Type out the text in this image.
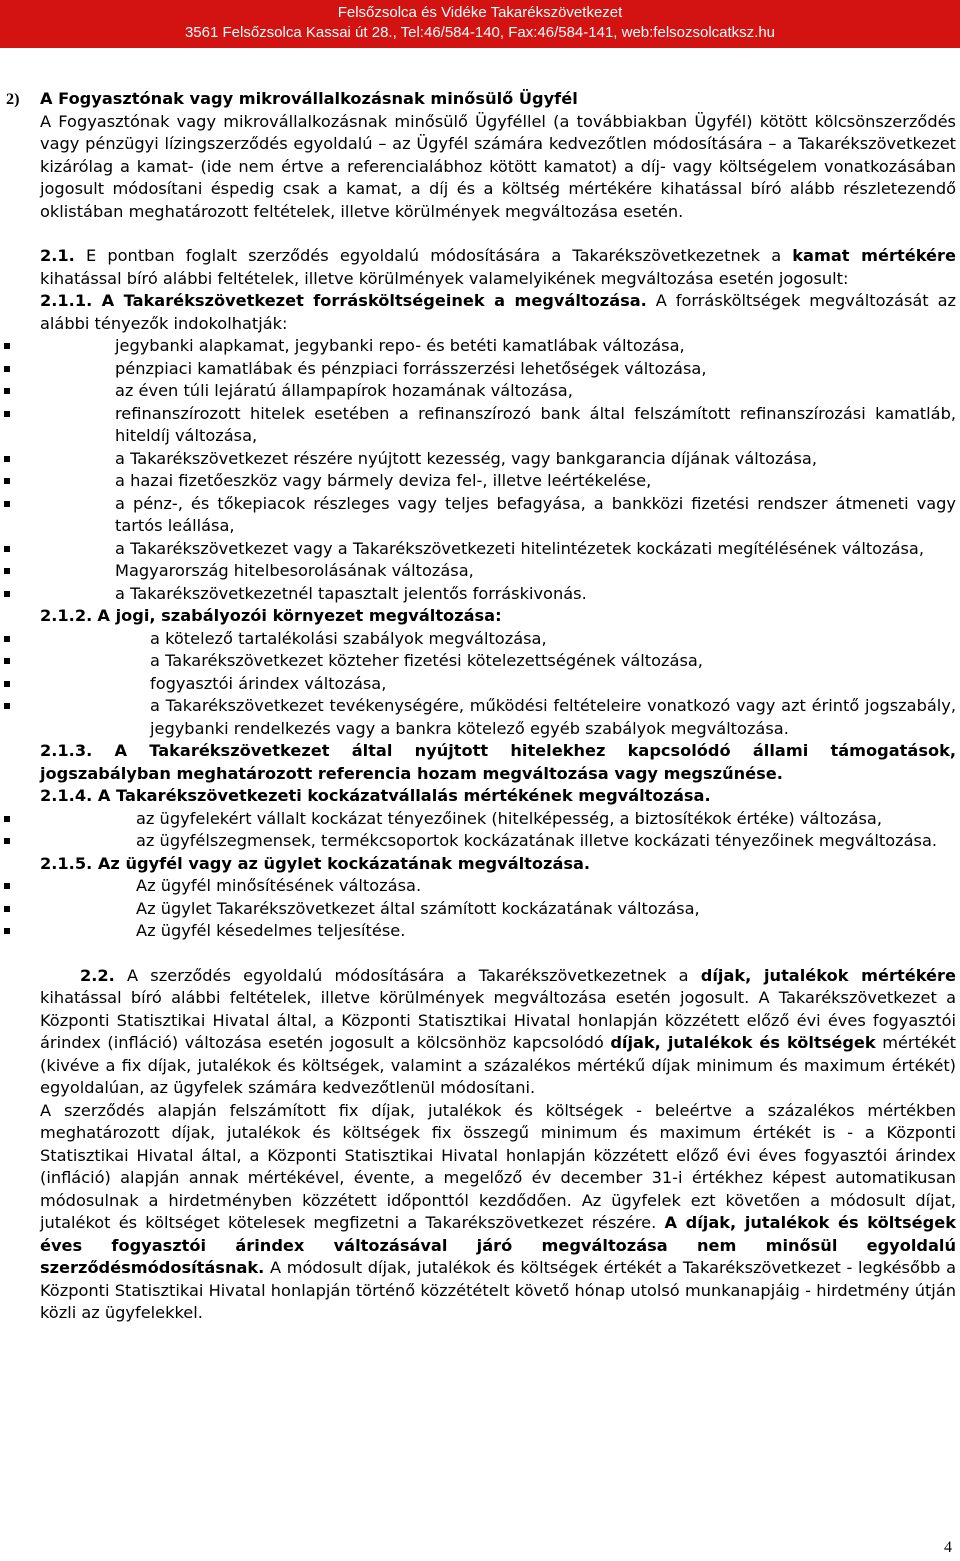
Felsőzsolca és Vidéke Takarékszövetkezet
3561 Felsőzsolca Kassai út 28., Tel:46/584-140, Fax:46/584-141, web:felsozsolcatksz.hu

2) A Fogyasztónak vagy mikrovállalkozásnak minősülő Ügyfél

A Fogyasztónak vagy mikrovállalkozásnak minősülő Ügyféllel (a továbbiakban Ügyfél) kötött kölcsönszerződés vagy pénzügyi lízingszerződés egyoldalú – az Ügyfél számára kedvezőtlen módosítására – a Takarékszövetkezet kizárólag a kamat- (ide nem értve a referencialábhoz kötött kamatot) a díj- vagy költségelem vonatkozásában jogosult módosítani éspedig csak a kamat, a díj és a költség mértékére kihatással bíró alább részletezendő oklistában meghatározott feltételek, illetve körülmények megváltozása esetén.

2.1. E pontban foglalt szerződés egyoldalú módosítására a Takarékszövetkezetnek a kamat mértékére kihatással bíró alábbi feltételek, illetve körülmények valamelyikének megváltozása esetén jogosult:

2.1.1. A Takarékszövetkezet forrásköltségeinek a megváltozása. A forrásköltségek megváltozását az alábbi tényezők indokolhatják:

jegybanki alapkamat, jegybanki repo- és betéti kamatlábak változása,
pénzpiaci kamatlábak és pénzpiaci forrásszerzési lehetőségek változása,
az éven túli lejáratú állampapírok hozamának változása,
refinanszírozott hitelek esetében a refinanszírozó bank által felszámított refinanszírozási kamatláb, hiteldíj változása,
a Takarékszövetkezet részére nyújtott kezesség, vagy bankgarancia díjának változása,
a hazai fizetőeszköz vagy bármely deviza fel-, illetve leértékelése,
a pénz-, és tőkepiacok részleges vagy teljes befagyása, a bankközi fizetési rendszer átmeneti vagy tartós leállása,
a Takarékszövetkezet vagy a Takarékszövetkezeti hitelintézetek kockázati megítélésének változása,
Magyarország hitelbesorolásának változása,
a Takarékszövetkezetnél tapasztalt jelentős forráskivonás.

2.1.2. A jogi, szabályozói környezet megváltozása:

a kötelező tartalékolási szabályok megváltozása,
a Takarékszövetkezet közteher fizetési kötelezettségének változása,
fogyasztói árindex változása,
a Takarékszövetkezet tevékenységére, működési feltételeire vonatkozó vagy azt érintő jogszabály, jegybanki rendelkezés vagy a bankra kötelező egyéb szabályok megváltozása.

2.1.3. A Takarékszövetkezet által nyújtott hitelekhez kapcsolódó állami támogatások, jogszabályban meghatározott referencia hozam megváltozása vagy megszűnése.

2.1.4. A Takarékszövetkezeti kockázatvállalás mértékének megváltozása.

az ügyfelekért vállalt kockázat tényezőinek (hitelképesség, a biztosítékok értéke) változása,
az ügyfélszegmensek, termékcsoportok kockázatának illetve kockázati tényezőinek megváltozása.

2.1.5. Az ügyfél vagy az ügylet kockázatának megváltozása.

Az ügyfél minősítésének változása.
Az ügylet Takarékszövetkezet által számított kockázatának változása,
Az ügyfél késedelmes teljesítése.

2.2. A szerződés egyoldalú módosítására a Takarékszövetkezetnek a díjak, jutalékok mértékére kihatással bíró alábbi feltételek, illetve körülmények megváltozása esetén jogosult. A Takarékszövetkezet a Központi Statisztikai Hivatal által, a Központi Statisztikai Hivatal honlapján közzétett előző évi éves fogyasztói árindex (infláció) változása esetén jogosult a kölcsönhöz kapcsolódó díjak, jutalékok és költségek mértékét (kivéve a fix díjak, jutalékok és költségek, valamint a százalékos mértékű díjak minimum és maximum értékét) egyoldalúan, az ügyfelek számára kedvezőtlenül módosítani.

A szerződés alapján felszámított fix díjak, jutalékok és költségek - beleértve a százalékos mértékben meghatározott díjak, jutalékok és költségek fix összegű minimum és maximum értékét is - a Központi Statisztikai Hivatal által, a Központi Statisztikai Hivatal honlapján közzétett előző évi éves fogyasztói árindex (infláció) alapján annak mértékével, évente, a megelőző év december 31-i értékhez képest automatikusan módosulnak a hirdetményben közzétett időponttól kezdődően. Az ügyfelek ezt követően a módosult díjat, jutalékot és költséget kötelesek megfizetni a Takarékszövetkezet részére. A díjak, jutalékok és költségek éves fogyasztói árindex változásával járó megváltozása nem minősül egyoldalú szerződésmódosításnak. A módosult díjak, jutalékok és költségek értékét a Takarékszövetkezet - legkésőbb a Központi Statisztikai Hivatal honlapján történő közzétételt követő hónap utolsó munkanapjáig - hirdetmény útján közli az ügyfelekkel.

4
